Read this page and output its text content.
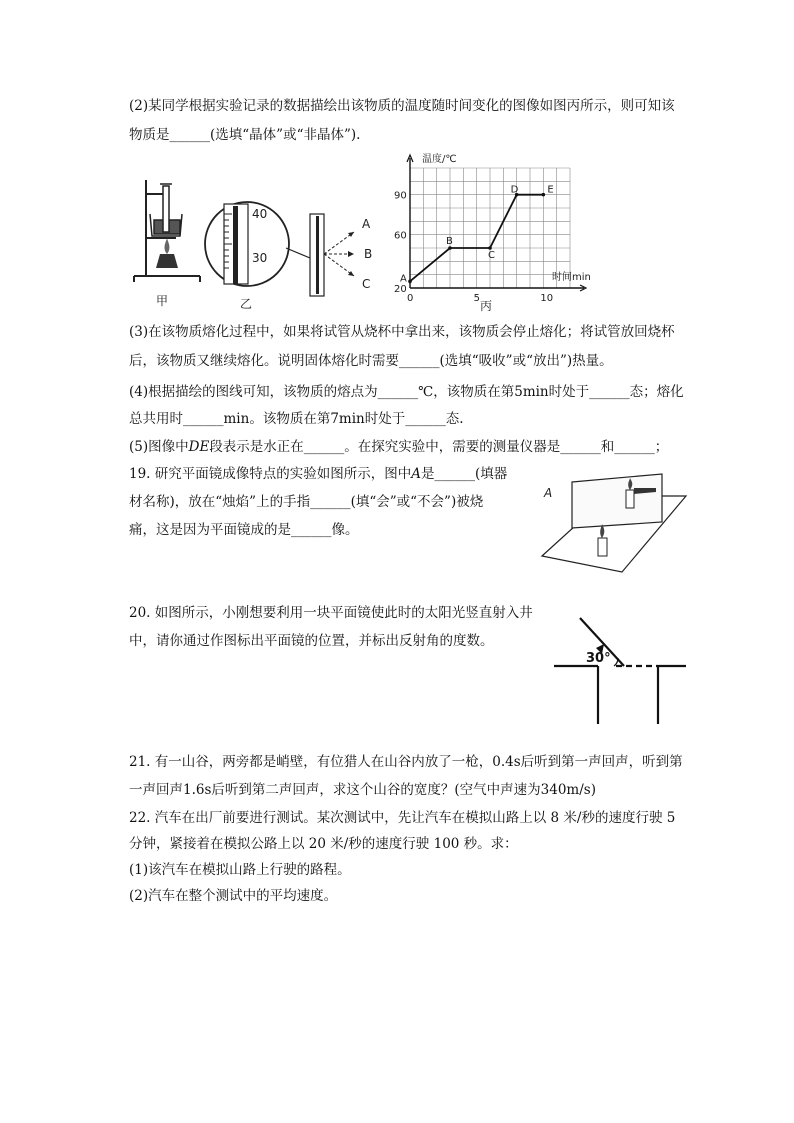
(2)某同学根据实验记录的数据描绘出该物质的温度随时间变化的图像如图丙所示，则可知该
物质是______(选填“晶体”或“非晶体”).
甲
40
30
A
B
C
乙	0	5	10
20
60
90
A
B
C
D	E
温度/℃
时间min
丙
(3)在该物质熔化过程中，如果将试管从烧杯中拿出来，该物质会停止熔化；将试管放回烧杯
后，该物质又继续熔化。说明固体熔化时需要______(选填“吸收”或“放出”)热量。
(4)根据描绘的图线可知，该物质的熔点为______℃，该物质在第5min时处于______态；熔化
总共用时______min。该物质在第7min时处于______态.
(5)图像中DE段表示是水正在______。在探究实验中，需要的测量仪器是______和______；
19. 研究平面镜成像特点的实验如图所示，图中A是______(填器
材名称)，放在“烛焰”上的手指______(填“会”或“不会”)被烧
痛，这是因为平面镜成的是______像。
A
20. 如图所示，小刚想要利用一块平面镜使此时的太阳光竖直射入井
中，请你通过作图标出平面镜的位置，并标出反射角的度数。
30°
21. 有一山谷，两旁都是峭壁，有位猎人在山谷内放了一枪，0.4s后听到第一声回声，听到第
一声回声1.6s后听到第二声回声，求这个山谷的宽度？(空气中声速为340m/s)
22. 汽车在出厂前要进行测试。某次测试中，先让汽车在模拟山路上以 8 米/秒的速度行驶 5
分钟，紧接着在模拟公路上以 20 米/秒的速度行驶 100 秒。求：
(1)该汽车在模拟山路上行驶的路程。
(2)汽车在整个测试中的平均速度。
